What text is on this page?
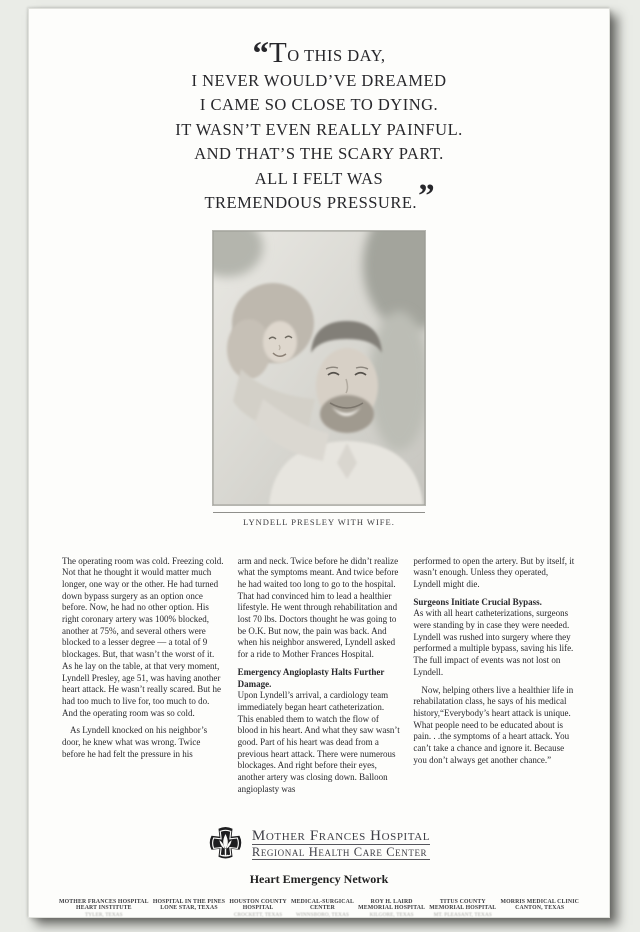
“TO THIS DAY,
I NEVER WOULD’VE DREAMED
I CAME SO CLOSE TO DYING.
IT WASN’T EVEN REALLY PAINFUL.
AND THAT’S THE SCARY PART.
ALL I FELT WAS
TREMENDOUS PRESSURE.”
LYNDELL PRESLEY WITH WIFE.

The operating room was cold. Freezing cold. Not that he thought it would matter much longer, one way or the other. He had turned down bypass surgery as an option once before. Now, he had no other option. His right coronary artery was 100% blocked, another at 75%, and several others were blocked to a lesser degree — a total of 9 blockages. But, that wasn’t the worst of it. As he lay on the table, at that very moment, Lyndell Presley, age 51, was having another heart attack. He wasn’t really scared. But he had too much to live for, too much to do. And the operating room was so cold.

As Lyndell knocked on his neighbor’s door, he knew what was wrong. Twice before he had felt the pressure in his

arm and neck. Twice before he didn’t realize what the symptoms meant. And twice before he had waited too long to go to the hospital. That had convinced him to lead a healthier lifestyle. He went through rehabilitation and lost 70 lbs. Doctors thought he was going to be O.K. But now, the pain was back. And when his neighbor answered, Lyndell asked for a ride to Mother Frances Hospital.

Emergency Angioplasty Halts Further Damage.

Upon Lyndell’s arrival, a cardiology team immediately began heart catheterization. This enabled them to watch the flow of blood in his heart. And what they saw wasn’t good. Part of his heart was dead from a previous heart attack. There were numerous blockages. And right before their eyes, another artery was closing down. Balloon angioplasty was

performed to open the artery. But by itself, it wasn’t enough. Unless they operated, Lyndell might die.

Surgeons Initiate Crucial Bypass.

As with all heart catheterizations, surgeons were standing by in case they were needed. Lyndell was rushed into surgery where they performed a multiple bypass, saving his life. The full impact of events was not lost on Lyndell.

Now, helping others live a healthier life in rehabilatation class, he says of his medical history,“Everybody’s heart attack is unique. What people need to be educated about is pain. . .the symptoms of a heart attack. You can’t take a chance and ignore it. Because you don’t always get another chance.”

Mother Frances Hospital
Regional Health Care Center
Heart Emergency Network
MOTHER FRANCES HOSPITAL
HEART INSTITUTE
TYLER, TEXAS
HOSPITAL IN THE PINES
LONE STAR, TEXAS
HOUSTON COUNTY
HOSPITAL
CROCKETT, TEXAS
MEDICAL-SURGICAL
CENTER
WINNSBORO, TEXAS
ROY H. LAIRD
MEMORIAL HOSPITAL
KILGORE, TEXAS
TITUS COUNTY
MEMORIAL HOSPITAL
MT. PLEASANT, TEXAS
MORRIS MEDICAL CLINIC
CANTON, TEXAS
